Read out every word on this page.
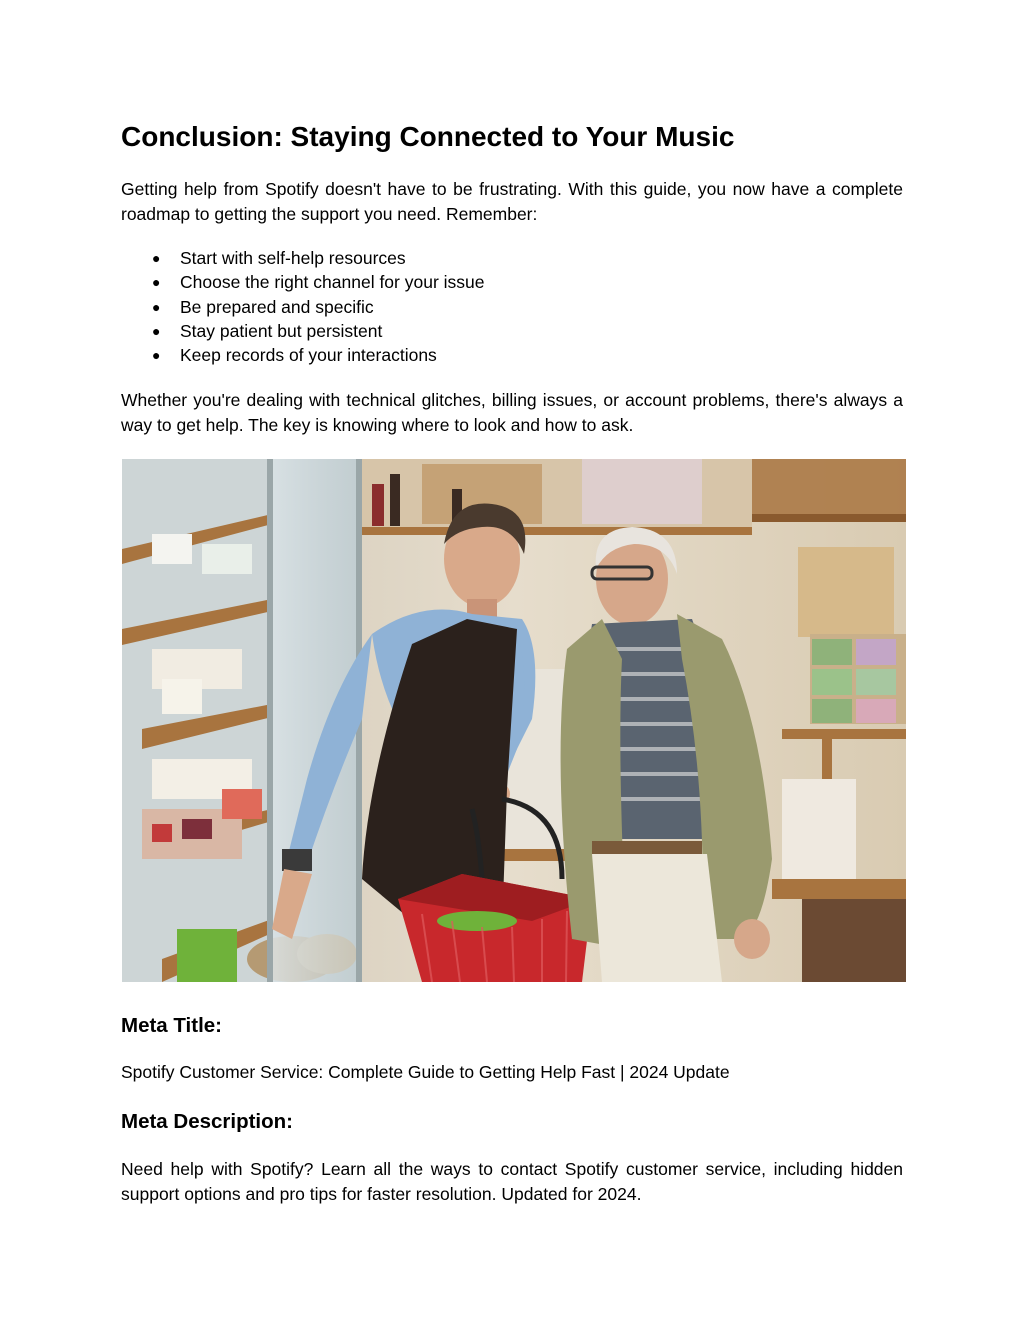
Conclusion: Staying Connected to Your Music

Getting help from Spotify doesn't have to be frustrating. With this guide, you now have a complete roadmap to getting the support you need. Remember:

● Start with self-help resources
● Choose the right channel for your issue
● Be prepared and specific
● Stay patient but persistent
● Keep records of your interactions

Whether you're dealing with technical glitches, billing issues, or account problems, there's always a way to get help. The key is knowing where to look and how to ask.

Meta Title:
Spotify Customer Service: Complete Guide to Getting Help Fast | 2024 Update
Meta Description:

Need help with Spotify? Learn all the ways to contact Spotify customer service, including hidden support options and pro tips for faster resolution. Updated for 2024.
